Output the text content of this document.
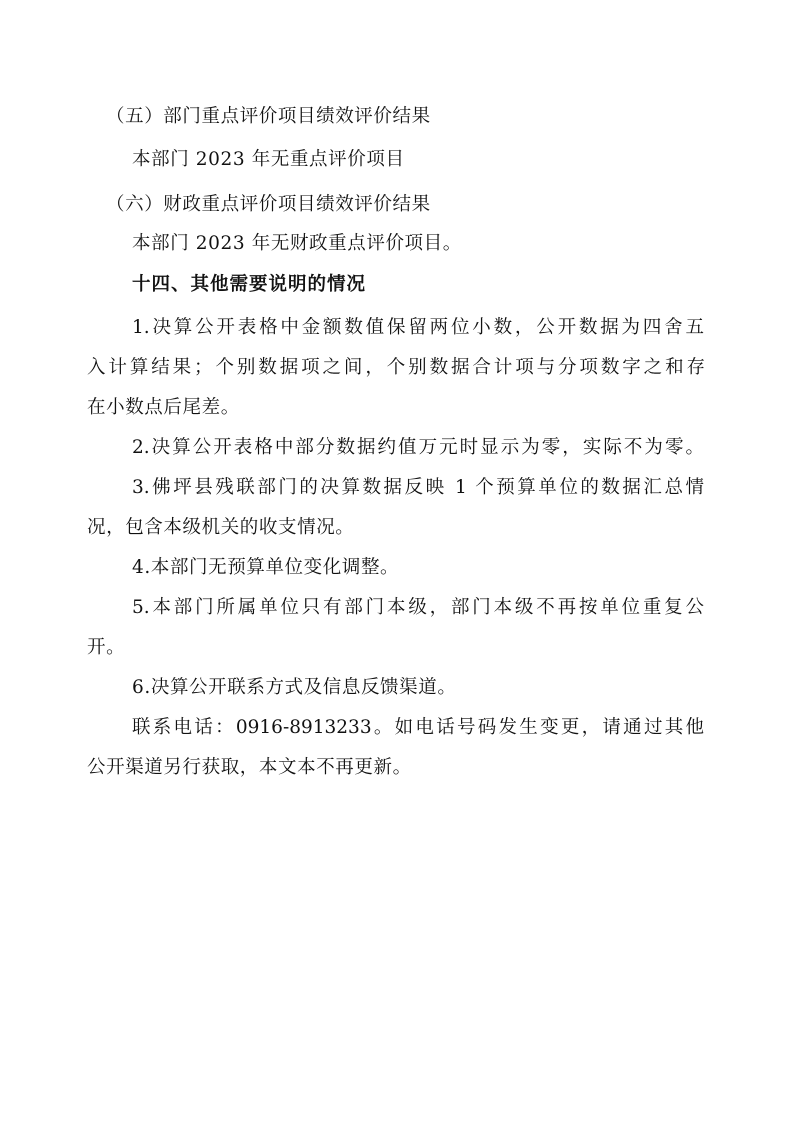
（五）部门重点评价项目绩效评价结果
本部门 2023 年无重点评价项目
（六）财政重点评价项目绩效评价结果
本部门 2023 年无财政重点评价项目。
十四、其他需要说明的情况
1.决算公开表格中金额数值保留两位小数，公开数据为四舍五
入计算结果；个别数据项之间，个别数据合计项与分项数字之和存
在小数点后尾差。
2.决算公开表格中部分数据约值万元时显示为零，实际不为零。
3.佛坪县残联部门的决算数据反映 1 个预算单位的数据汇总情
况，包含本级机关的收支情况。
4.本部门无预算单位变化调整。
5.本部门所属单位只有部门本级，部门本级不再按单位重复公
开。
6.决算公开联系方式及信息反馈渠道。
联系电话：0916-8913233。如电话号码发生变更，请通过其他
公开渠道另行获取，本文本不再更新。
